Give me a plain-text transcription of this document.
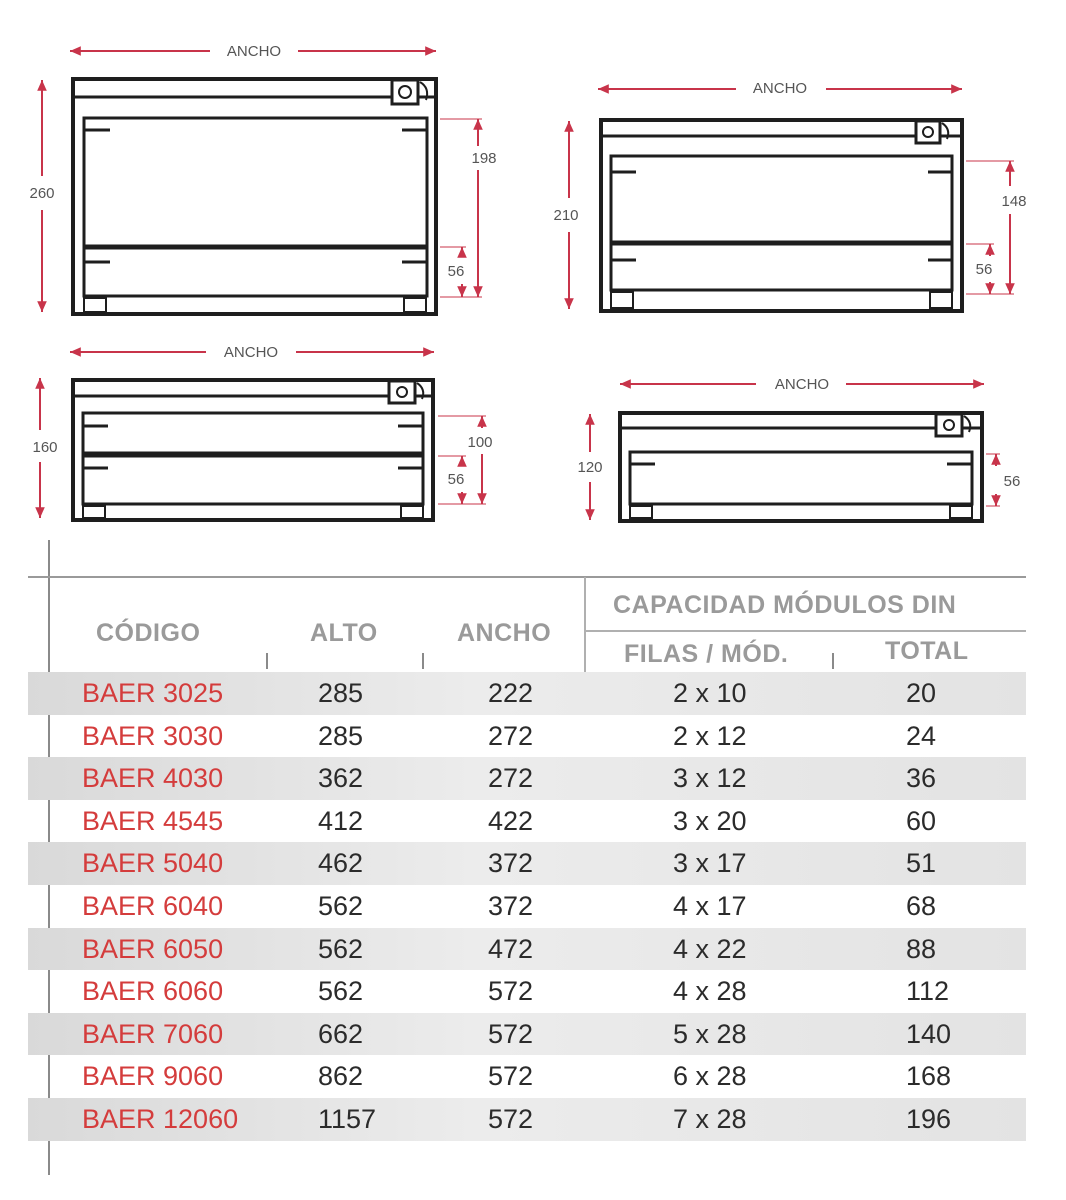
ANCHO
260
198
56
ANCHO
210
148
56
ANCHO
160	100
56
ANCHO
120
56
CÓDIGO	ALTO	ANCHO
CAPACIDAD MÓDULOS DIN
FILAS / MÓD.	TOTAL
BAER 3025	285	222	2 x 10	20
BAER 3030	285	272	2 x 12	24
BAER 4030	362	272	3 x 12	36
BAER 4545	412	422	3 x 20	60
BAER 5040	462	372	3 x 17	51
BAER 6040	562	372	4 x 17	68
BAER 6050	562	472	4 x 22	88
BAER 6060	562	572	4 x 28	112
BAER 7060	662	572	5 x 28	140
BAER 9060	862	572	6 x 28	168
BAER 12060	1157	572	7 x 28	196
